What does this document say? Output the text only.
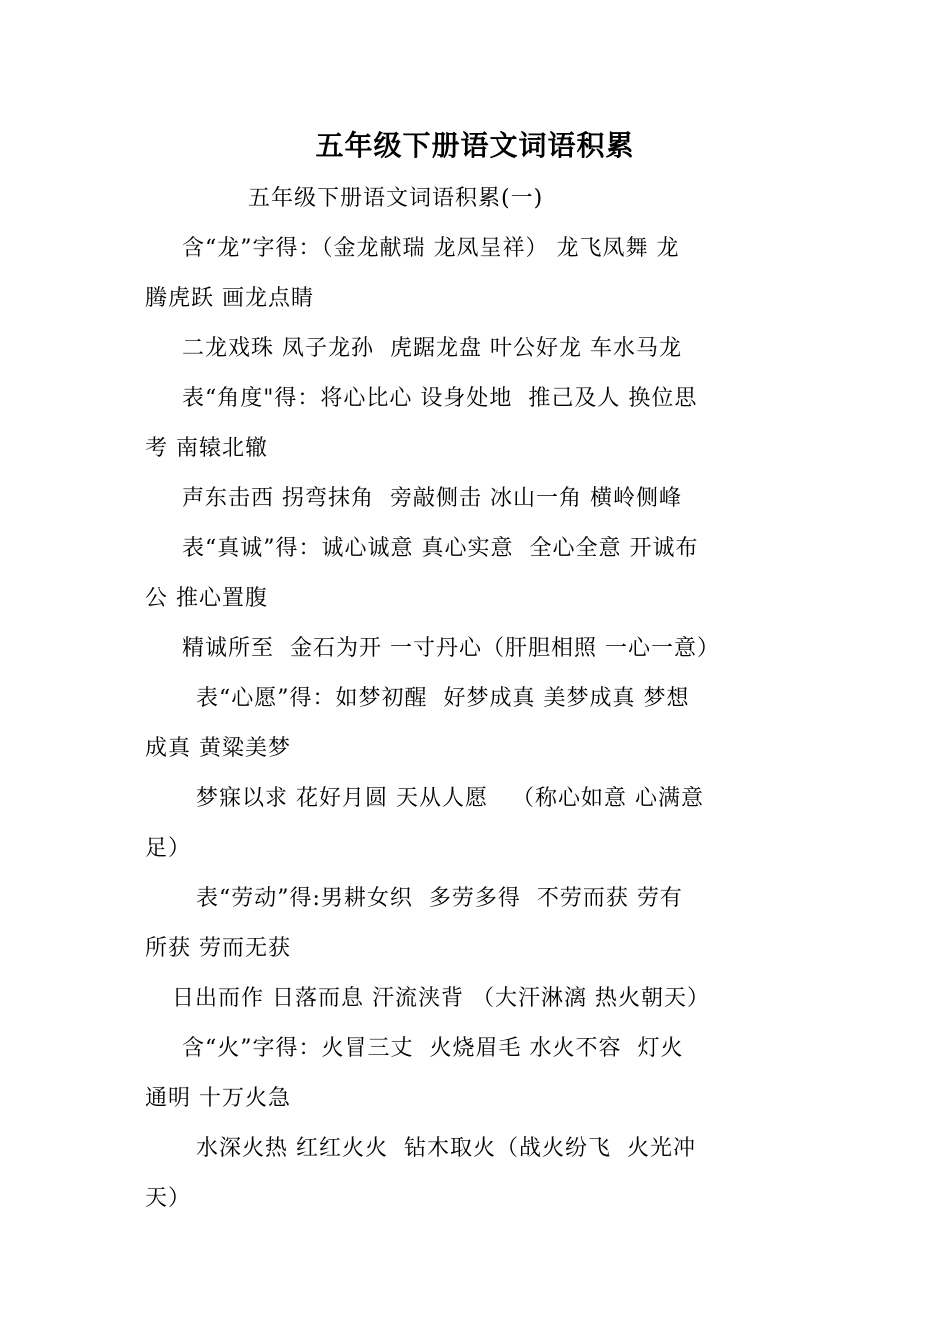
五年级下册语文词语积累
五年级下册语文词语积累(一)
含“龙”字得：（金龙献瑞 龙凤呈祥） 龙飞凤舞 龙
腾虎跃 画龙点睛
二龙戏珠 凤子龙孙  虎踞龙盘 叶公好龙 车水马龙
表“角度"得：将心比心 设身处地  推己及人 换位思
考 南辕北辙
声东击西 拐弯抹角  旁敲侧击 冰山一角 横岭侧峰
表“真诚”得：诚心诚意 真心实意  全心全意 开诚布
公 推心置腹
精诚所至  金石为开 一寸丹心（肝胆相照 一心一意）
表“心愿”得：如梦初醒  好梦成真 美梦成真 梦想
成真 黄粱美梦
梦寐以求 花好月圆 天从人愿   （称心如意 心满意
足）
表“劳动”得:男耕女织  多劳多得  不劳而获 劳有
所获 劳而无获
日出而作 日落而息 汗流浃背 （大汗淋漓 热火朝天）
含“火”字得：火冒三丈  火烧眉毛 水火不容  灯火
通明 十万火急
水深火热 红红火火  钻木取火（战火纷飞  火光冲
天）
